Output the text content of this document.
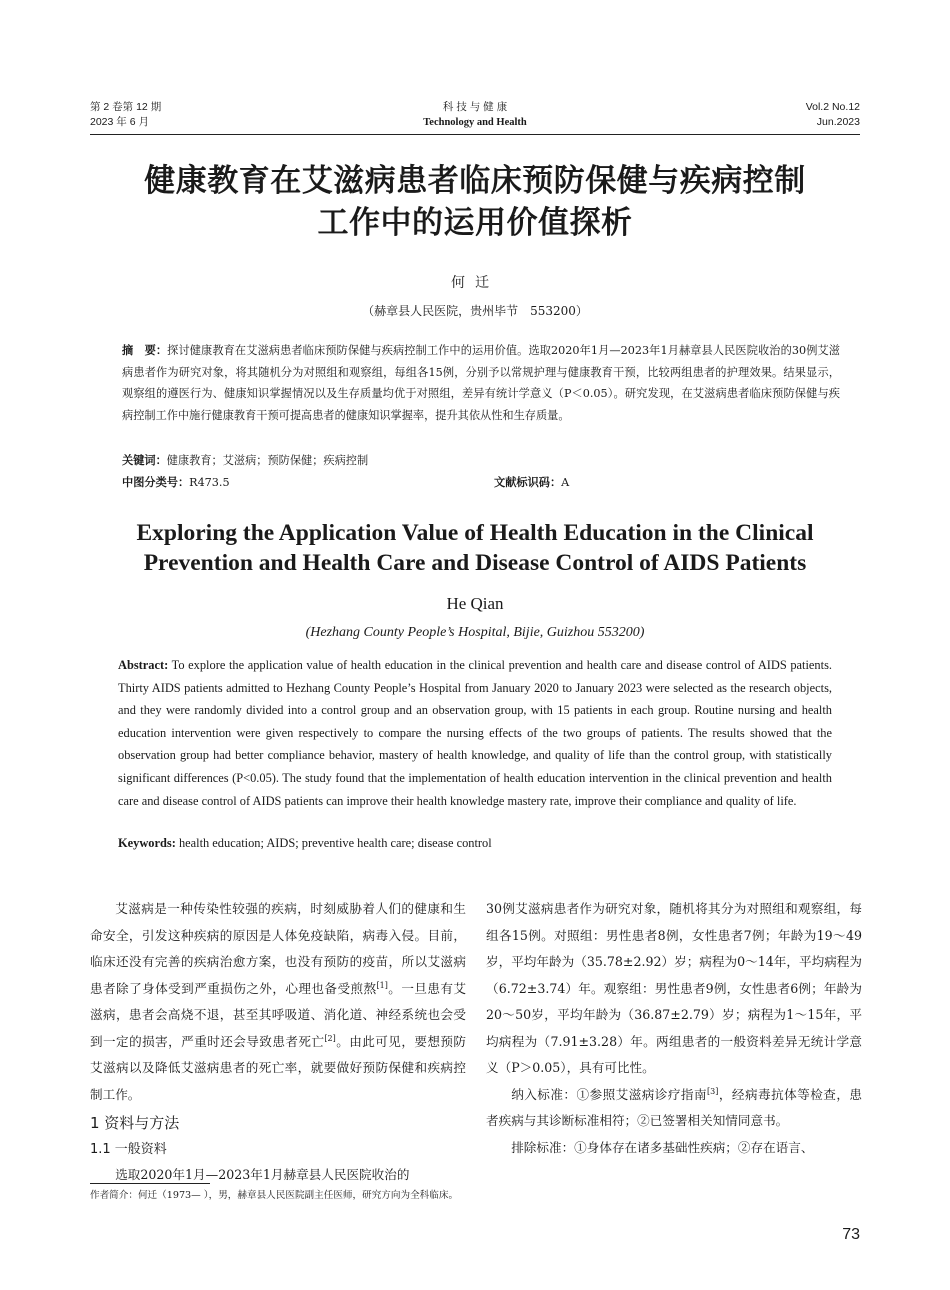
第 2 卷第 12 期
2023 年 6 月
科 技 与 健 康
Technology and Health
Vol.2 No.12
Jun.2023
健康教育在艾滋病患者临床预防保健与疾病控制
工作中的运用价值探析
何迁
（赫章县人民医院，贵州毕节　553200）
摘　要：探讨健康教育在艾滋病患者临床预防保健与疾病控制工作中的运用价值。选取2020年1月—2023年1月赫章县人民医院收治的30例艾滋病患者作为研究对象，将其随机分为对照组和观察组，每组各15例，分别予以常规护理与健康教育干预，比较两组患者的护理效果。结果显示，观察组的遵医行为、健康知识掌握情况以及生存质量均优于对照组，差异有统计学意义（P＜0.05）。研究发现，在艾滋病患者临床预防保健与疾病控制工作中施行健康教育干预可提高患者的健康知识掌握率，提升其依从性和生存质量。
关键词：健康教育；艾滋病；预防保健；疾病控制
中图分类号：R473.5	文献标识码：A
Exploring the Application Value of Health Education in the Clinical
Prevention and Health Care and Disease Control of AIDS Patients
He Qian
(Hezhang County People’s Hospital, Bijie, Guizhou 553200)
Abstract: To explore the application value of health education in the clinical prevention and health care and disease control of AIDS patients. Thirty AIDS patients admitted to Hezhang County People’s Hospital from January 2020 to January 2023 were selected as the research objects, and they were randomly divided into a control group and an observation group, with 15 patients in each group. Routine nursing and health education intervention were given respectively to compare the nursing effects of the two groups of patients. The results showed that the observation group had better compliance behavior, mastery of health knowledge, and quality of life than the control group, with statistically significant differences (P<0.05). The study found that the implementation of health education intervention in the clinical prevention and health care and disease control of AIDS patients can improve their health knowledge mastery rate, improve their compliance and quality of life.
Keywords: health education; AIDS; preventive health care; disease control

艾滋病是一种传染性较强的疾病，时刻威胁着人们的健康和生命安全，引发这种疾病的原因是人体免疫缺陷，病毒入侵。目前，临床还没有完善的疾病治愈方案，也没有预防的疫苗，所以艾滋病患者除了身体受到严重损伤之外，心理也备受煎熬[1]。一旦患有艾滋病，患者会高烧不退，甚至其呼吸道、消化道、神经系统也会受到一定的损害，严重时还会导致患者死亡[2]。由此可见，要想预防艾滋病以及降低艾滋病患者的死亡率，就要做好预防保健和疾病控制工作。

1 资料与方法

1.1 一般资料

选取2020年1月—2023年1月赫章县人民医院收治的

30例艾滋病患者作为研究对象，随机将其分为对照组和观察组，每组各15例。对照组：男性患者8例，女性患者7例；年龄为19～49岁，平均年龄为（35.78±2.92）岁；病程为0～14年，平均病程为（6.72±3.74）年。观察组：男性患者9例，女性患者6例；年龄为20～50岁，平均年龄为（36.87±2.79）岁；病程为1～15年，平均病程为（7.91±3.28）年。两组患者的一般资料差异无统计学意义（P＞0.05），具有可比性。

纳入标准：①参照艾滋病诊疗指南[3]，经病毒抗体等检查，患者疾病与其诊断标准相符；②已签署相关知情同意书。

排除标准：①身体存在诸多基础性疾病；②存在语言、

作者简介：何迁（1973— ），男，赫章县人民医院副主任医师，研究方向为全科临床。
73
